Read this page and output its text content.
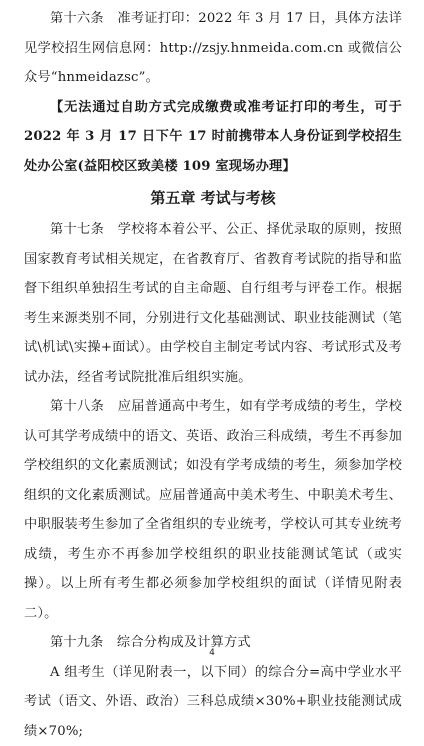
第十六条　准考证打印：2022 年 3 月 17 日，具体方法详见学校招生网信息网：http://zsjy.hnmeida.com.cn 或微信公众号“hnmeidazsc”。

【无法通过自助方式完成缴费或准考证打印的考生，可于 2022 年 3 月 17 日下午 17 时前携带本人身份证到学校招生处办公室(益阳校区致美楼 109 室现场办理】

第五章 考试与考核

第十七条　学校将本着公平、公正、择优录取的原则，按照国家教育考试相关规定，在省教育厅、省教育考试院的指导和监督下组织单独招生考试的自主命题、自行组考与评卷工作。根据考生来源类别不同，分别进行文化基础测试、职业技能测试（笔试\机试\实操+面试）。由学校自主制定考试内容、考试形式及考试办法，经省考试院批准后组织实施。

第十八条　应届普通高中考生，如有学考成绩的考生，学校认可其学考成绩中的语文、英语、政治三科成绩，考生不再参加学校组织的文化素质测试；如没有学考成绩的考生，须参加学校组织的文化素质测试。应届普通高中美术考生、中职美术考生、中职服装考生参加了全省组织的专业统考，学校认可其专业统考成绩，考生亦不再参加学校组织的职业技能测试笔试（或实操）。以上所有考生都必须参加学校组织的面试（详情见附表二）。

第十九条　综合分构成及计算方式

A 组考生（详见附表一，以下同）的综合分=高中学业水平考试（语文、外语、政治）三科总成绩×30%+职业技能测试成绩×70%;

4
